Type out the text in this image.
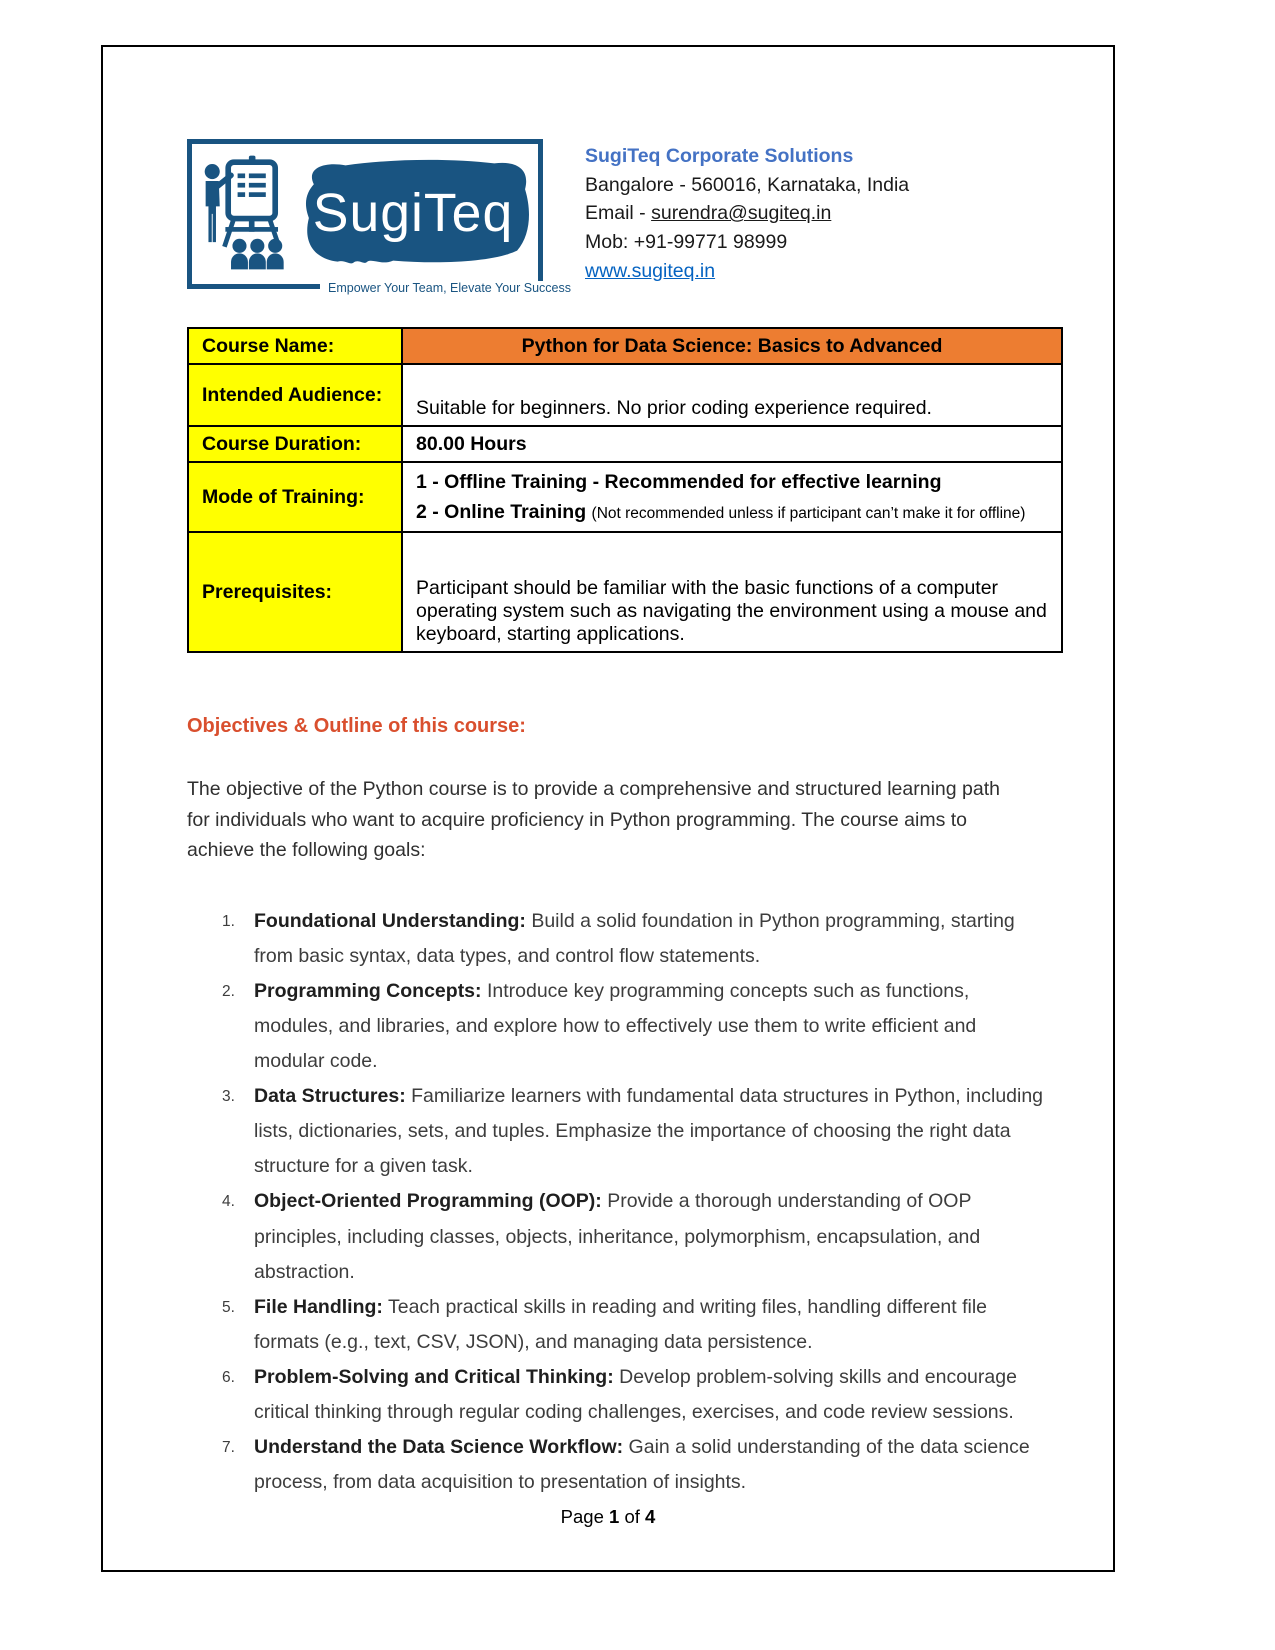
SugiTeq
Empower Your Team, Elevate Your Success
SugiTeq Corporate Solutions
Bangalore - 560016, Karnataka, India
Email - surendra@sugiteq.in
Mob: +91-99771 98999
www.sugiteq.in
Course Name:	Python for Data Science: Basics to Advanced
Intended Audience:	Suitable for beginners. No prior coding experience required.
Course Duration:	80.00 Hours
Mode of Training:	1 - Offline Training - Recommended for effective learning
2 - Online Training (Not recommended unless if participant can’t make it for offline)

Prerequisites:	Participant should be familiar with the basic functions of a computer operating system such as navigating the environment using a mouse and keyboard, starting applications.
Objectives & Outline of this course:

The objective of the Python course is to provide a comprehensive and structured learning path for individuals who want to acquire proficiency in Python programming. The course aims to achieve the following goals:

1. Foundational Understanding: Build a solid foundation in Python programming, starting from basic syntax, data types, and control flow statements.
2. Programming Concepts: Introduce key programming concepts such as functions, modules, and libraries, and explore how to effectively use them to write efficient and modular code.
3. Data Structures: Familiarize learners with fundamental data structures in Python, including lists, dictionaries, sets, and tuples. Emphasize the importance of choosing the right data structure for a given task.
4. Object-Oriented Programming (OOP): Provide a thorough understanding of OOP principles, including classes, objects, inheritance, polymorphism, encapsulation, and abstraction.
5. File Handling: Teach practical skills in reading and writing files, handling different file formats (e.g., text, CSV, JSON), and managing data persistence.
6. Problem-Solving and Critical Thinking: Develop problem-solving skills and encourage critical thinking through regular coding challenges, exercises, and code review sessions.
7. Understand the Data Science Workflow: Gain a solid understanding of the data science process, from data acquisition to presentation of insights.
Page 1 of 4
